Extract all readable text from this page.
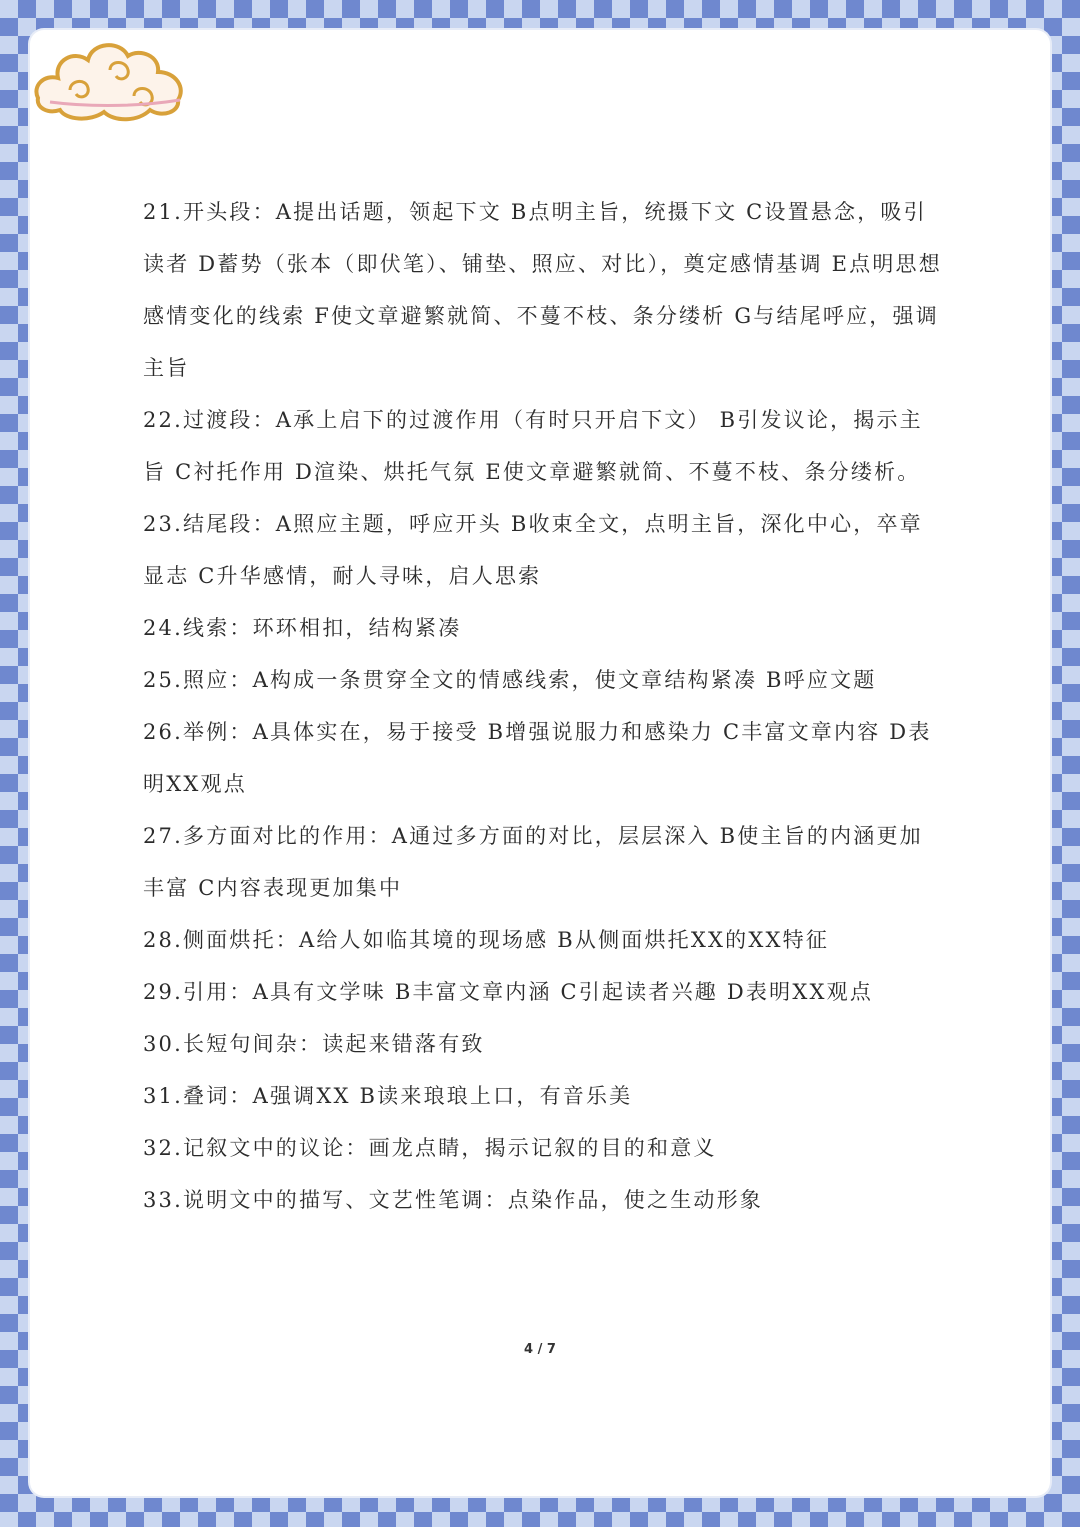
21.开头段：A提出话题，领起下文 B点明主旨，统摄下文 C设置悬念，吸引读者 D蓄势（张本（即伏笔）、铺垫、照应、对比），奠定感情基调 E点明思想感情变化的线索 F使文章避繁就简、不蔓不枝、条分缕析 G与结尾呼应，强调主旨

22.过渡段：A承上启下的过渡作用（有时只开启下文） B引发议论，揭示主旨 C衬托作用 D渲染、烘托气氛 E使文章避繁就简、不蔓不枝、条分缕析。

23.结尾段：A照应主题，呼应开头 B收束全文，点明主旨，深化中心，卒章显志 C升华感情，耐人寻味，启人思索

24.线索：环环相扣，结构紧凑

25.照应：A构成一条贯穿全文的情感线索，使文章结构紧凑 B呼应文题

26.举例：A具体实在，易于接受 B增强说服力和感染力 C丰富文章内容 D表明XX观点

27.多方面对比的作用：A通过多方面的对比，层层深入 B使主旨的内涵更加丰富 C内容表现更加集中

28.侧面烘托：A给人如临其境的现场感 B从侧面烘托XX的XX特征

29.引用：A具有文学味 B丰富文章内涵 C引起读者兴趣 D表明XX观点

30.长短句间杂：读起来错落有致

31.叠词：A强调XX B读来琅琅上口，有音乐美

32.记叙文中的议论：画龙点睛，揭示记叙的目的和意义

33.说明文中的描写、文艺性笔调：点染作品，使之生动形象

4 / 7
